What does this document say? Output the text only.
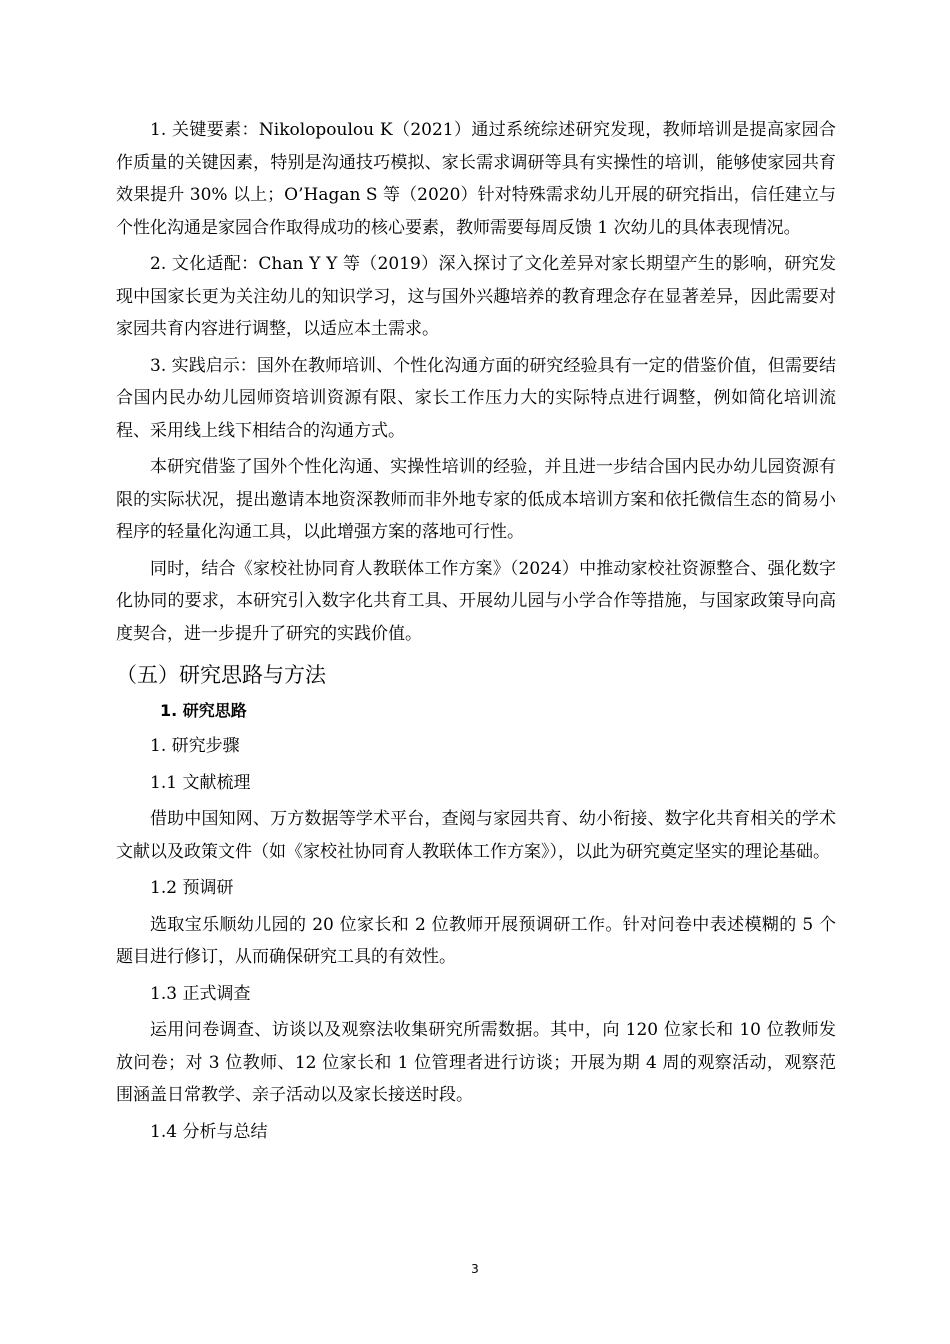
1. 关键要素：Nikolopoulou K（2021）通过系统综述研究发现，教师培训是提高家园合作质量的关键因素，特别是沟通技巧模拟、家长需求调研等具有实操性的培训，能够使家园共育效果提升 30% 以上；O’Hagan S 等（2020）针对特殊需求幼儿开展的研究指出，信任建立与个性化沟通是家园合作取得成功的核心要素，教师需要每周反馈 1 次幼儿的具体表现情况。

2. 文化适配：Chan Y Y 等（2019）深入探讨了文化差异对家长期望产生的影响，研究发现中国家长更为关注幼儿的知识学习，这与国外兴趣培养的教育理念存在显著差异，因此需要对家园共育内容进行调整，以适应本土需求。

3. 实践启示：国外在教师培训、个性化沟通方面的研究经验具有一定的借鉴价值，但需要结合国内民办幼儿园师资培训资源有限、家长工作压力大的实际特点进行调整，例如简化培训流程、采用线上线下相结合的沟通方式。

本研究借鉴了国外个性化沟通、实操性培训的经验，并且进一步结合国内民办幼儿园资源有限的实际状况，提出邀请本地资深教师而非外地专家的低成本培训方案和依托微信生态的简易小程序的轻量化沟通工具，以此增强方案的落地可行性。

同时，结合《家校社协同育人教联体工作方案》（2024）中推动家校社资源整合、强化数字化协同的要求，本研究引入数字化共育工具、开展幼儿园与小学合作等措施，与国家政策导向高度契合，进一步提升了研究的实践价值。

（五）研究思路与方法
1. 研究思路
1. 研究步骤
1.1 文献梳理

借助中国知网、万方数据等学术平台，查阅与家园共育、幼小衔接、数字化共育相关的学术文献以及政策文件（如《家校社协同育人教联体工作方案》），以此为研究奠定坚实的理论基础。

1.2 预调研

选取宝乐顺幼儿园的 20 位家长和 2 位教师开展预调研工作。针对问卷中表述模糊的 5 个题目进行修订，从而确保研究工具的有效性。

1.3 正式调查

运用问卷调查、访谈以及观察法收集研究所需数据。其中，向 120 位家长和 10 位教师发放问卷；对 3 位教师、12 位家长和 1 位管理者进行访谈；开展为期 4 周的观察活动，观察范围涵盖日常教学、亲子活动以及家长接送时段。

1.4 分析与总结
3
